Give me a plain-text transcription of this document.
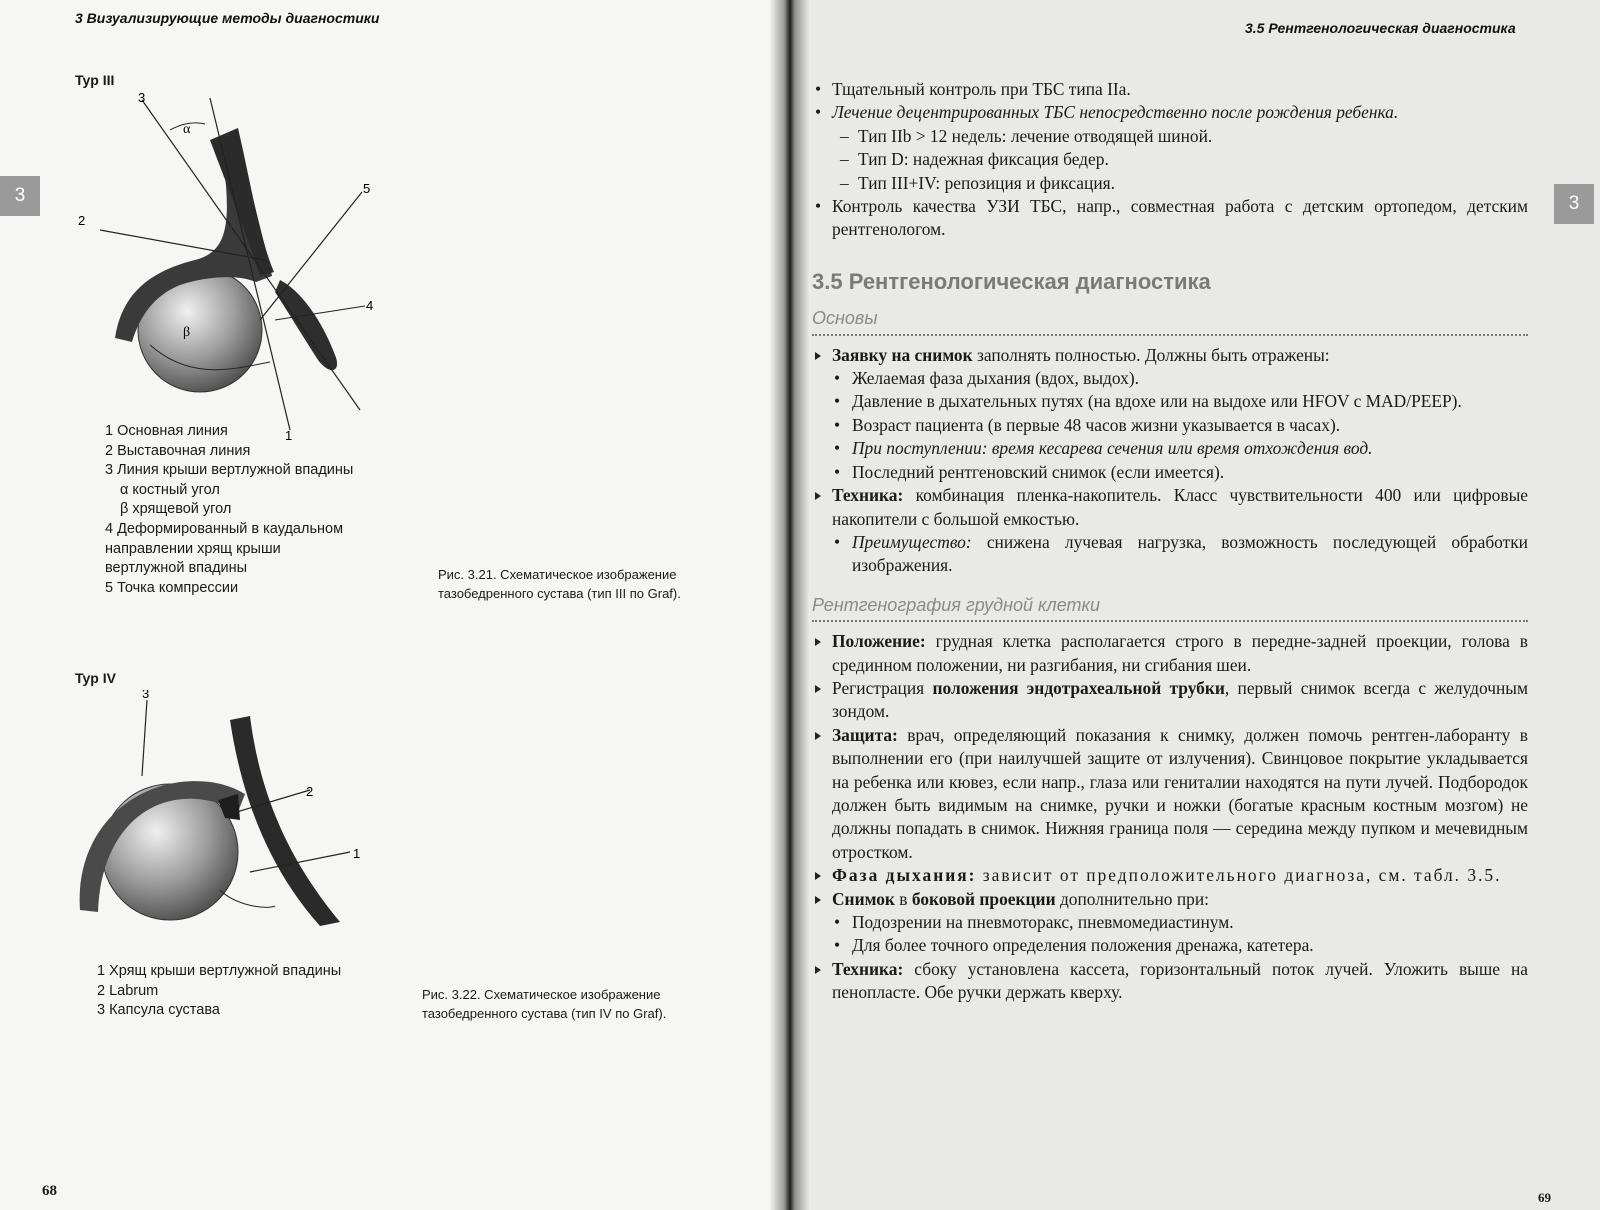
3 Визуализирующие методы диагностики
3
Typ III
3
α
5
2
4
β
1
1 Основная линия
2 Выставочная линия
3 Линия крыши вертлужной впадины
α костный угол
β хрящевой угол
4 Деформированный в каудальном
направлении хрящ крыши
вертлужной впадины
5 Точка компрессии
Рис. 3.21. Схематическое изображение тазобедренного сустава (тип III по Graf).
Typ IV
3
2
1
1 Хрящ крыши вертлужной впадины
2 Labrum
3 Капсула сустава
Рис. 3.22. Схематическое изображение тазобедренного сустава (тип IV по Graf).
68
3.5 Рентгенологическая диагностика
3

• Тщательный контроль при ТБС типа IIa.

• Лечение децентрированных ТБС непосредственно после рождения ребенка.

– Тип IIb > 12 недель: лечение отводящей шиной.

– Тип D: надежная фиксация бедер.

– Тип III+IV: репозиция и фиксация.

• Контроль качества УЗИ ТБС, напр., совместная работа с детским ортопедом, детским рентгенологом.

3.5 Рентгенологическая диагностика

Основы

Заявку на снимок заполнять полностью. Должны быть отражены:

• Желаемая фаза дыхания (вдох, выдох).

• Давление в дыхательных путях (на вдохе или на выдохе или HFOV с MAD/PEEP).

• Возраст пациента (в первые 48 часов жизни указывается в часах).

• При поступлении: время кесарева сечения или время отхождения вод.

• Последний рентгеновский снимок (если имеется).

Техника: комбинация пленка-накопитель. Класс чувствительности 400 или цифровые накопители с большой емкостью.

• Преимущество: снижена лучевая нагрузка, возможность последующей обработки изображения.

Рентгенография грудной клетки

Положение: грудная клетка располагается строго в передне-задней проекции, голова в срединном положении, ни разгибания, ни сгибания шеи.

Регистрация положения эндотрахеальной трубки, первый снимок всегда с желудочным зондом.

Защита: врач, определяющий показания к снимку, должен помочь рентген-лаборанту в выполнении его (при наилучшей защите от излучения). Свинцовое покрытие укладывается на ребенка или кювез, если напр., глаза или гениталии находятся на пути лучей. Подбородок должен быть видимым на снимке, ручки и ножки (богатые красным костным мозгом) не должны попадать в снимок. Нижняя граница поля — середина между пупком и мечевидным отростком.

Фаза дыхания: зависит от предположительного диагноза, см. табл. 3.5.

Снимок в боковой проекции дополнительно при:

• Подозрении на пневмоторакс, пневмомедиастинум.

• Для более точного определения положения дренажа, катетера.

Техника: сбоку установлена кассета, горизонтальный поток лучей. Уложить выше на пенопласте. Обе ручки держать кверху.

69
